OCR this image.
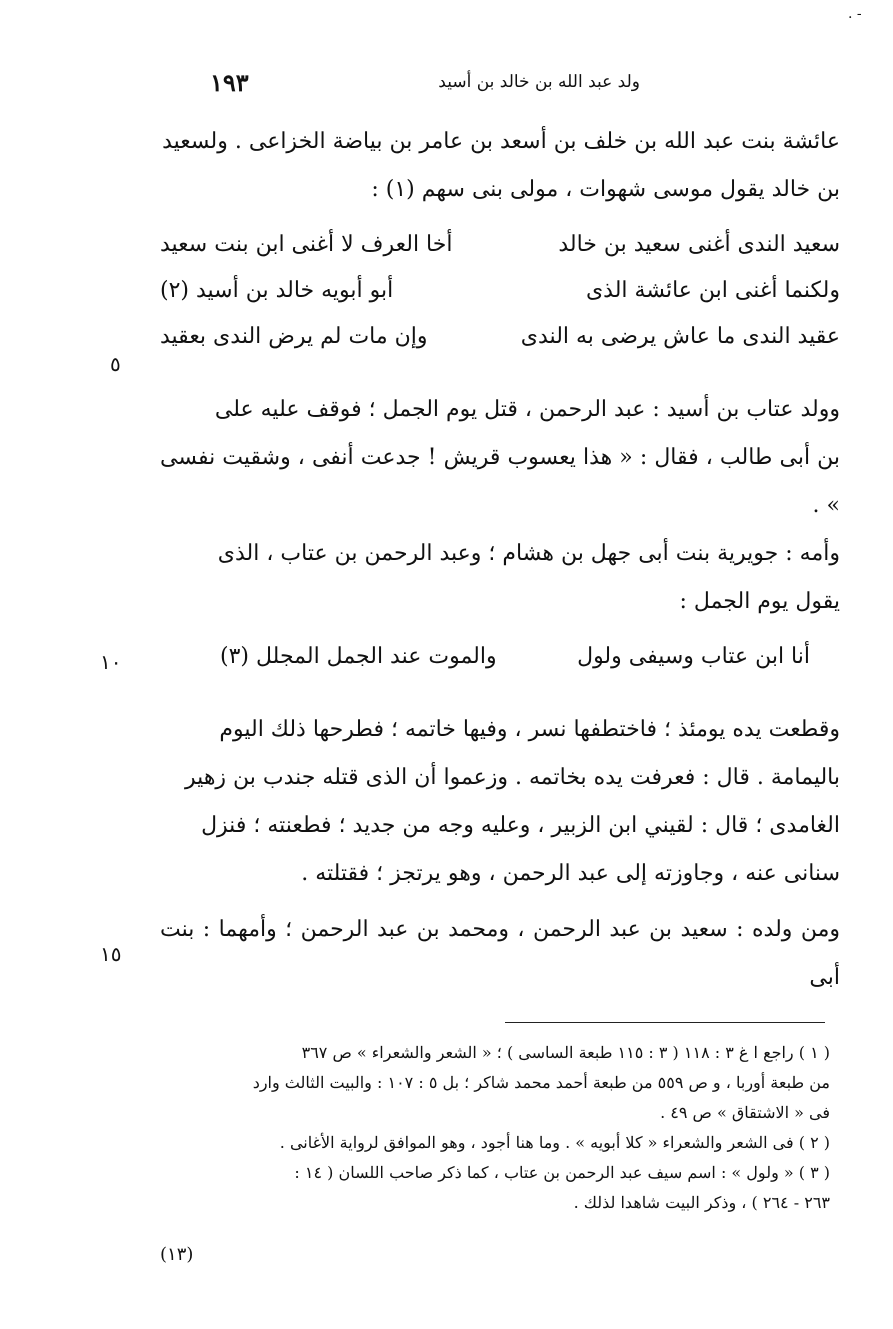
. -
١٩٣	ولد عبد الله بن خالد بن أسيد
٥
١٠
١٥

عائشة بنت عبد الله بن خلف بن أسعد بن عامر بن بياضة الخزاعى . ولسعيد
بن خالد يقول موسى شهوات ، مولى بنى سهم (١) :

سعيد الندى أغنى سعيد بن خالد
أخا العرف لا أغنى ابن بنت سعيد
ولكنما أغنى ابن عائشة الذى
أبو أبويه خالد بن أسيد (٢)
عقيد الندى ما عاش يرضى به الندى
وإن مات لم يرض الندى بعقيد

وولد عتاب بن أسيد : عبد الرحمن ، قتل يوم الجمل ؛ فوقف عليه على
بن أبى طالب ، فقال : « هذا يعسوب قريش ! جدعت أنفى ، وشقيت نفسى » .
وأمه : جويرية بنت أبى جهل بن هشام ؛ وعبد الرحمن بن عتاب ، الذى
يقول يوم الجمل :

أنا ابن عتاب وسيفى ولول
والموت عند الجمل المجلل (٣)

وقطعت يده يومئذ ؛ فاختطفها نسر ، وفيها خاتمه ؛ فطرحها ذلك اليوم
باليمامة . قال : فعرفت يده بخاتمه . وزعموا أن الذى قتله جندب بن زهير
الغامدى ؛ قال : لقيني ابن الزبير ، وعليه وجه من جديد ؛ فطعنته ؛ فنزل
سنانى عنه ، وجاوزته إلى عبد الرحمن ، وهو يرتجز ؛ فقتلته .

ومن ولده : سعيد بن عبد الرحمن ، ومحمد بن عبد الرحمن ؛ وأمهما : بنت أبى

( ١ ) راجع ا غ ٣ : ١١٨ ( ٣ : ١١٥ طبعة الساسى ) ؛ « الشعر والشعراء » ص ٣٦٧

من طبعة أوربا ، و ص ٥٥٩ من طبعة أحمد محمد شاكر ؛ بل ٥ : ١٠٧ : والبيت الثالث وارد

فى « الاشتقاق » ص ٤٩ .

( ٢ ) فى الشعر والشعراء « كلا أبويه » . وما هنا أجود ، وهو الموافق لرواية الأغانى .

( ٣ ) « ولول » : اسم سيف عبد الرحمن بن عتاب ، كما ذكر صاحب اللسان ( ١٤ :

٢٦٣ - ٢٦٤ ) ، وذكر البيت شاهدا لذلك .

(١٣)
